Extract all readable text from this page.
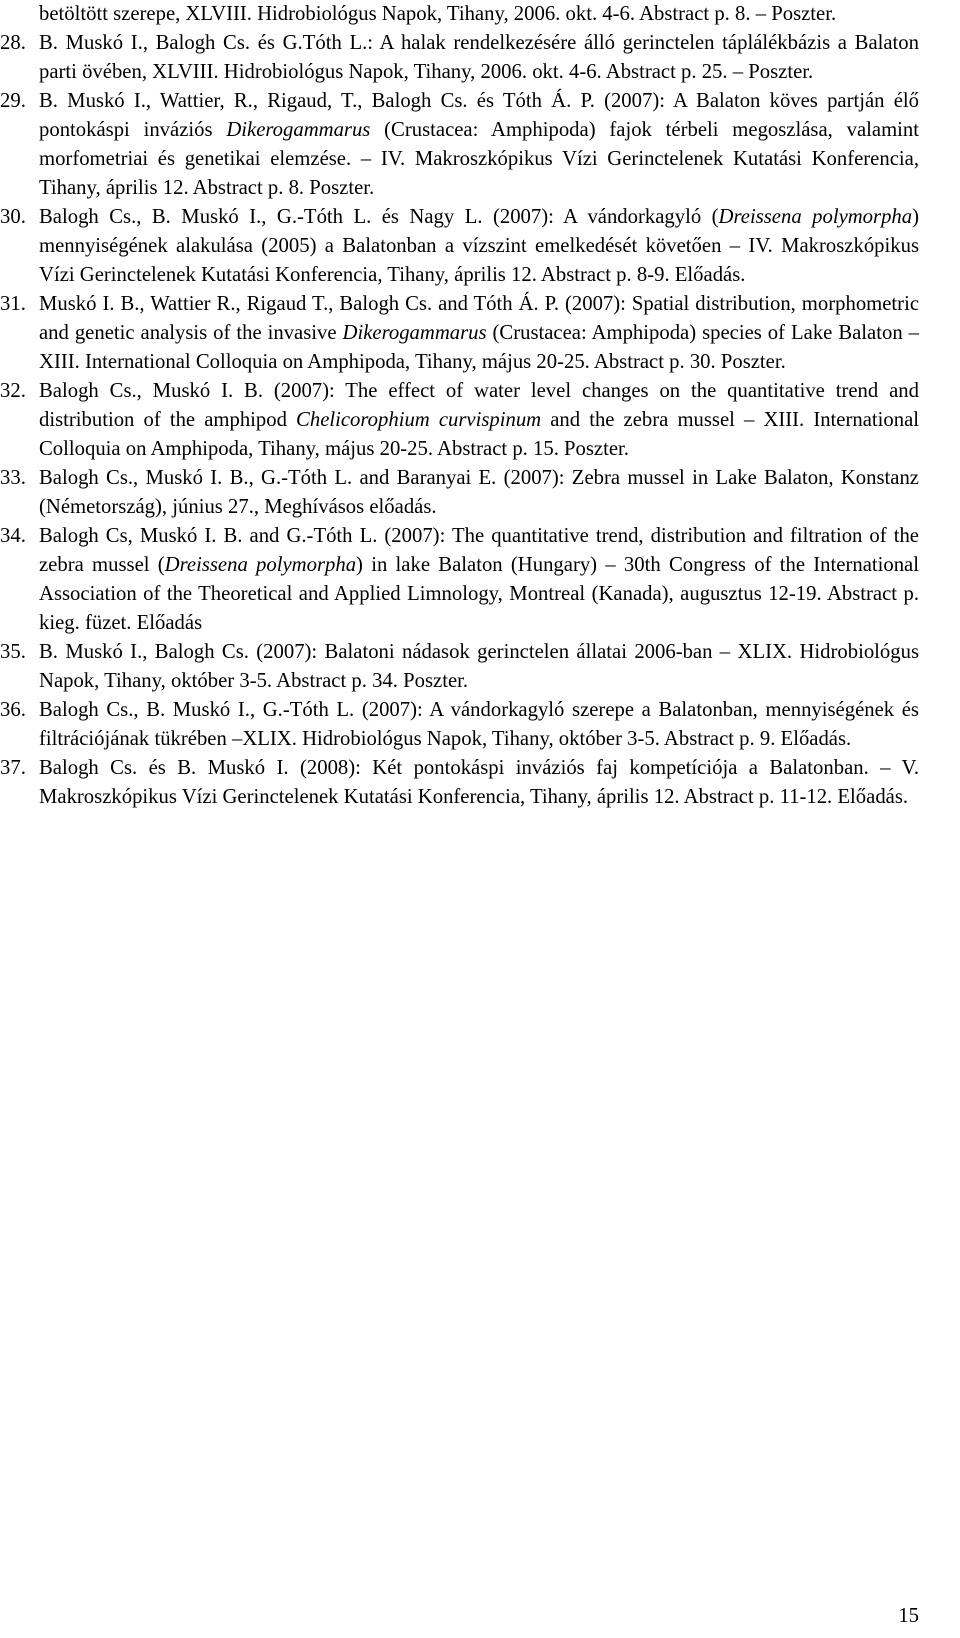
betöltött szerepe, XLVIII. Hidrobiológus Napok, Tihany, 2006. okt. 4-6. Abstract p. 8. – Poszter.

28. B. Muskó I., Balogh Cs. és G.Tóth L.: A halak rendelkezésére álló gerinctelen táplálékbázis a Balaton parti övében, XLVIII. Hidrobiológus Napok, Tihany, 2006. okt. 4-6. Abstract p. 25. – Poszter.
29. B. Muskó I., Wattier, R., Rigaud, T., Balogh Cs. és Tóth Á. P. (2007): A Balaton köves partján élő pontokáspi inváziós Dikerogammarus (Crustacea: Amphipoda) fajok térbeli megoszlása, valamint morfometriai és genetikai elemzése. – IV. Makroszkópikus Vízi Gerinctelenek Kutatási Konferencia, Tihany, április 12. Abstract p. 8. Poszter.
30. Balogh Cs., B. Muskó I., G.-Tóth L. és Nagy L. (2007): A vándorkagyló (Dreissena polymorpha) mennyiségének alakulása (2005) a Balatonban a vízszint emelkedését követően – IV. Makroszkópikus Vízi Gerinctelenek Kutatási Konferencia, Tihany, április 12. Abstract p. 8-9. Előadás.
31. Muskó I. B., Wattier R., Rigaud T., Balogh Cs. and Tóth Á. P. (2007): Spatial distribution, morphometric and genetic analysis of the invasive Dikerogammarus (Crustacea: Amphipoda) species of Lake Balaton – XIII. International Colloquia on Amphipoda, Tihany, május 20-25. Abstract p. 30. Poszter.
32. Balogh Cs., Muskó I. B. (2007): The effect of water level changes on the quantitative trend and distribution of the amphipod Chelicorophium curvispinum and the zebra mussel – XIII. International Colloquia on Amphipoda, Tihany, május 20-25. Abstract p. 15. Poszter.
33. Balogh Cs., Muskó I. B., G.-Tóth L. and Baranyai E. (2007): Zebra mussel in Lake Balaton, Konstanz (Németország), június 27., Meghívásos előadás.
34. Balogh Cs, Muskó I. B. and G.-Tóth L. (2007): The quantitative trend, distribution and filtration of the zebra mussel (Dreissena polymorpha) in lake Balaton (Hungary) – 30th Congress of the International Association of the Theoretical and Applied Limnology, Montreal (Kanada), augusztus 12-19. Abstract p. kieg. füzet. Előadás
35. B. Muskó I., Balogh Cs. (2007): Balatoni nádasok gerinctelen állatai 2006-ban – XLIX. Hidrobiológus Napok, Tihany, október 3-5. Abstract p. 34. Poszter.
36. Balogh Cs., B. Muskó I., G.-Tóth L. (2007): A vándorkagyló szerepe a Balatonban, mennyiségének és filtrációjának tükrében –XLIX. Hidrobiológus Napok, Tihany, október 3-5. Abstract p. 9. Előadás.
37. Balogh Cs. és B. Muskó I. (2008): Két pontokáspi inváziós faj kompetíciója a Balatonban. – V. Makroszkópikus Vízi Gerinctelenek Kutatási Konferencia, Tihany, április 12. Abstract p. 11-12. Előadás.
15
